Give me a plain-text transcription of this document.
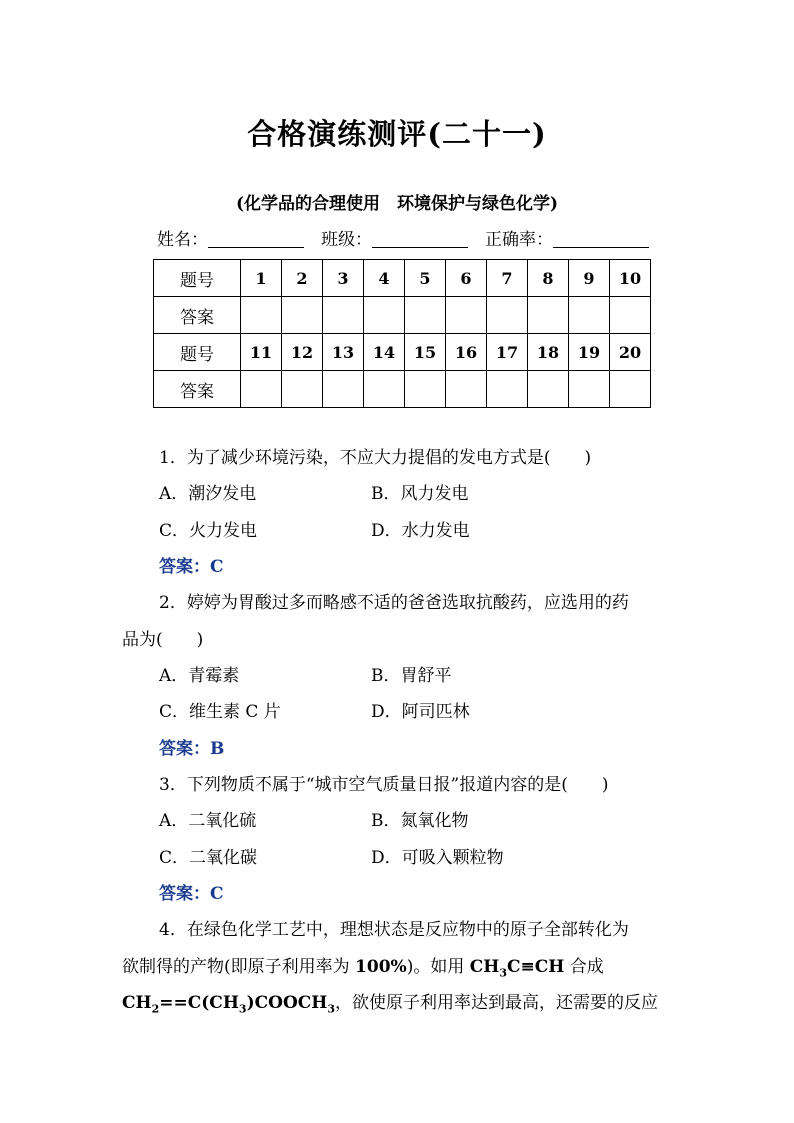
合格演练测评(二十一)
(化学品的合理使用　环境保护与绿色化学)
姓名：	班级：	正确率：
题号	1	2	3	4	5	6	7	8	9	10
答案										
题号	11	12	13	14	15	16	17	18	19	20
答案										
1．为了减少环境污染，不应大力提倡的发电方式是(　　)
A．潮汐发电	B．风力发电
C．火力发电	D．水力发电
答案：C
2．婷婷为胃酸过多而略感不适的爸爸选取抗酸药，应选用的药
品为(　　)
A．青霉素	B．胃舒平
C．维生素 C 片	D．阿司匹林
答案：B
3．下列物质不属于“城市空气质量日报”报道内容的是(　　)
A．二氧化硫	B．氮氧化物
C．二氧化碳	D．可吸入颗粒物
答案：C
4．在绿色化学工艺中，理想状态是反应物中的原子全部转化为
欲制得的产物(即原子利用率为 100%)。如用 $CH_3C\equiv CH$ 合成
$CH_2==C(CH_3)COOCH_3$，欲使原子利用率达到最高，还需要的反应
